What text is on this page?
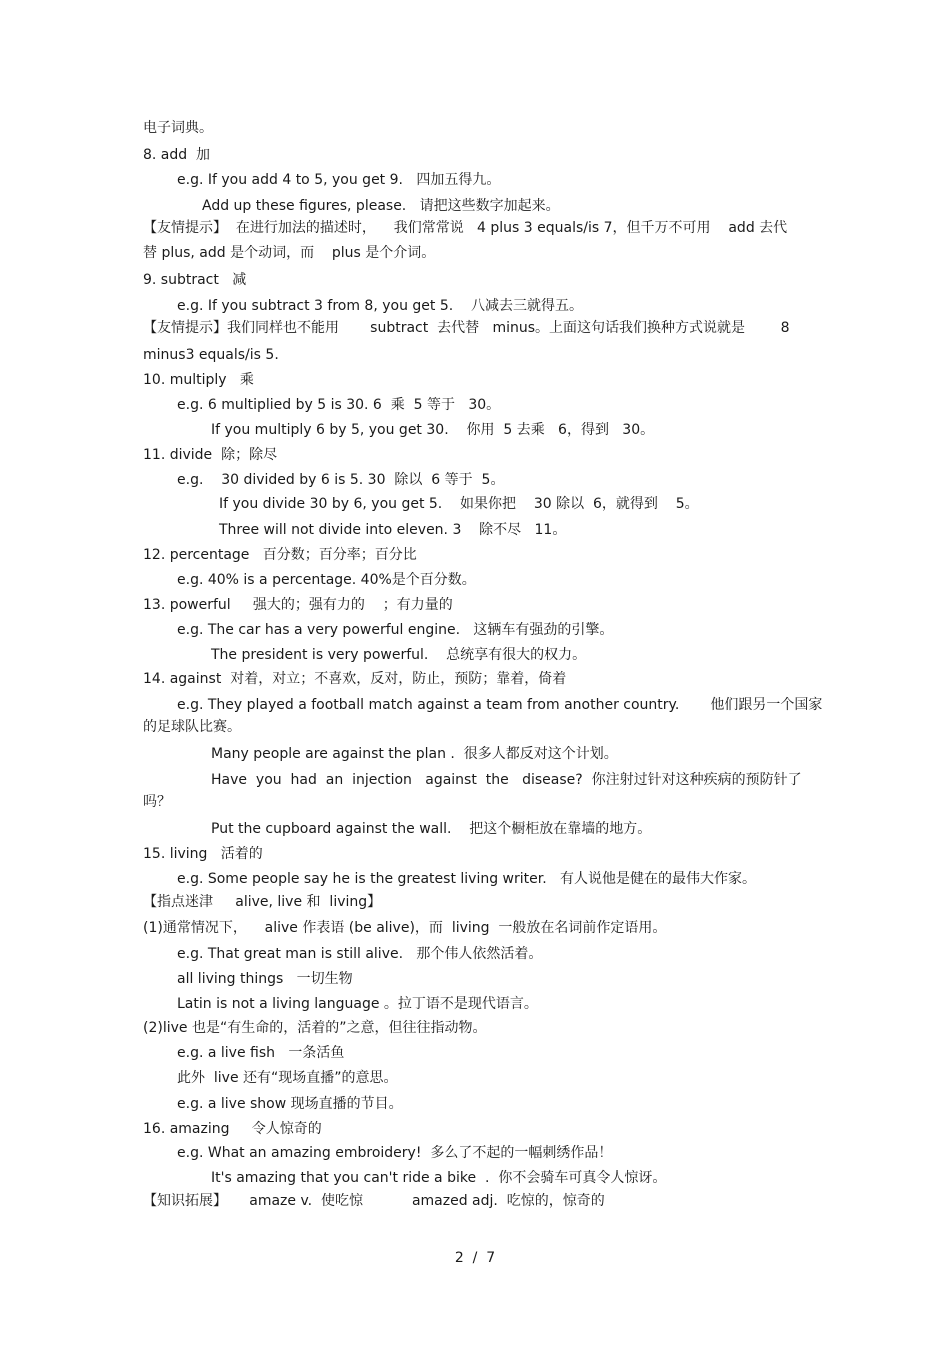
电子词典。
8. add  加
e.g. If you add 4 to 5, you get 9.   四加五得九。
Add up these figures, please.   请把这些数字加起来。
【友情提示】  在进行加法的描述时，    我们常常说   4 plus 3 equals/is 7，但千万不可用    add 去代
替 plus, add 是个动词，而    plus 是个介词。
9. subtract   减
e.g. If you subtract 3 from 8, you get 5.    八减去三就得五。
【友情提示】我们同样也不能用       subtract  去代替   minus。上面这句话我们换种方式说就是        8
minus3 equals/is 5.
10. multiply   乘
e.g. 6 multiplied by 5 is 30. 6  乘  5 等于   30。
If you multiply 6 by 5, you get 30.    你用  5 去乘   6，得到   30。
11. divide  除；除尽
e.g.    30 divided by 6 is 5. 30  除以  6 等于  5。
If you divide 30 by 6, you get 5.    如果你把    30 除以  6，就得到    5。
Three will not divide into eleven. 3    除不尽   11。
12. percentage   百分数；百分率；百分比
e.g. 40% is a percentage. 40%是个百分数。
13. powerful     强大的；强有力的    ；有力量的
e.g. The car has a very powerful engine.   这辆车有强劲的引擎。
The president is very powerful.    总统享有很大的权力。
14. against  对着，对立；不喜欢，反对，防止，预防；靠着，倚着
e.g. They played a football match against a team from another country.       他们跟另一个国家
的足球队比赛。
Many people are against the plan .  很多人都反对这个计划。
Have  you  had  an  injection   against  the   disease?  你注射过针对这种疾病的预防针了
吗？
Put the cupboard against the wall.    把这个橱柜放在靠墙的地方。
15. living   活着的
e.g. Some people say he is the greatest living writer.   有人说他是健在的最伟大作家。
【指点迷津     alive, live 和  living】
(1)通常情况下，    alive 作表语 (be alive)，而  living  一般放在名词前作定语用。
e.g. That great man is still alive.   那个伟人依然活着。
all living things   一切生物
Latin is not a living language 。拉丁语不是现代语言。
(2)live 也是“有生命的，活着的”之意，但往往指动物。
e.g. a live fish   一条活鱼
此外  live 还有“现场直播”的意思。
e.g. a live show 现场直播的节目。
16. amazing     令人惊奇的
e.g. What an amazing embroidery!  多么了不起的一幅刺绣作品！
It's amazing that you can't ride a bike  .  你不会骑车可真令人惊讶。
【知识拓展】     amaze v.  使吃惊           amazed adj.  吃惊的，惊奇的
2  /  7
